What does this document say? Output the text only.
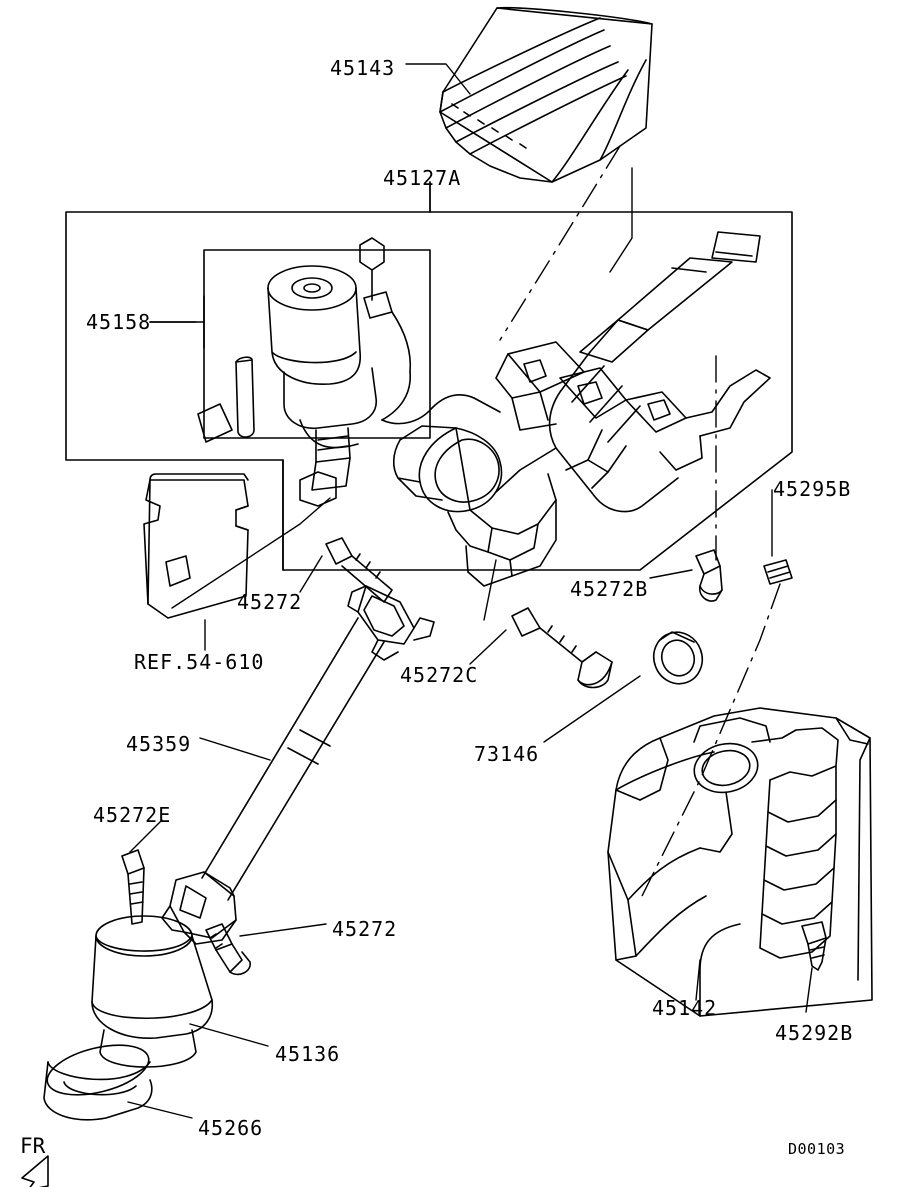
45143
45127A
45158
45295B
45272B
45272
REF.54-610
45272C
73146
45359
45272E
45272
45142
45292B
45136
45266
FR	D00103
